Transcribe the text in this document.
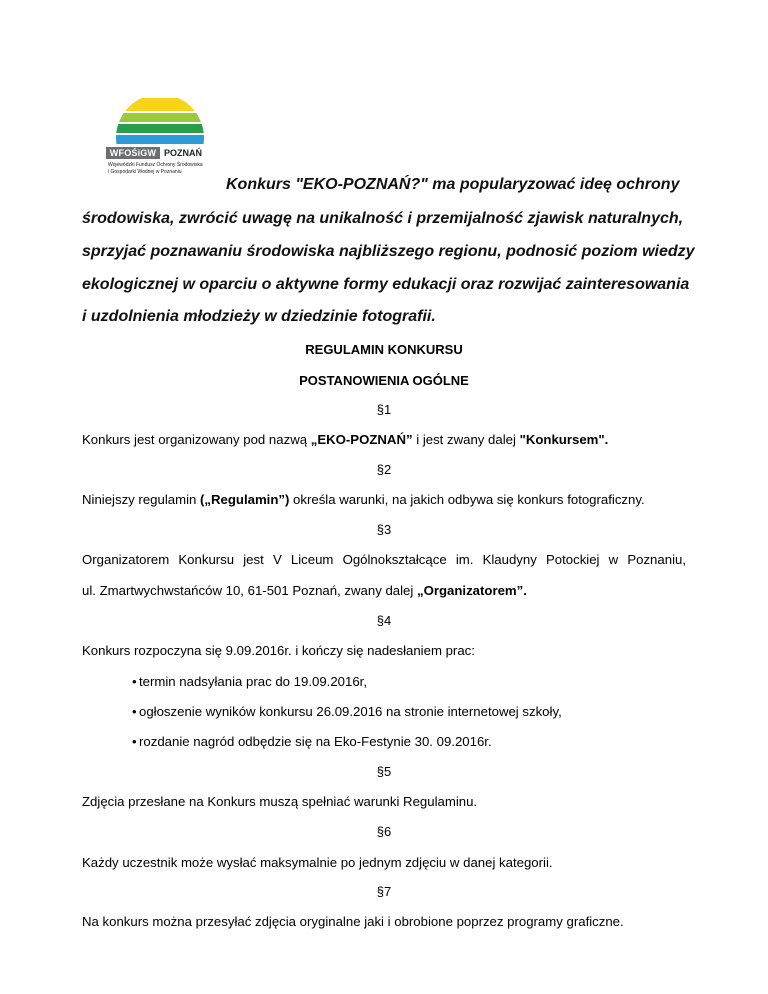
WFOŚiGW POZNAŃ
Wojewódzki Fundusz Ochrony Środowiska
i Gospodarki Wodnej w Poznaniu
Konkurs "EKO-POZNAŃ?" ma popularyzować ideę ochrony
środowiska, zwrócić uwagę na unikalność i przemijalność zjawisk naturalnych,
sprzyjać poznawaniu środowiska najbliższego regionu, podnosić poziom wiedzy
ekologicznej w oparciu o aktywne formy edukacji oraz rozwijać zainteresowania
i uzdolnienia młodzieży w dziedzinie fotografii.
REGULAMIN KONKURSU
POSTANOWIENIA OGÓLNE
§1
Konkurs jest organizowany pod nazwą „EKO-POZNAŃ” i jest zwany dalej "Konkursem".
§2
Niniejszy regulamin („Regulamin”) określa warunki, na jakich odbywa się konkurs fotograficzny.
§3
Organizatorem Konkursu jest V Liceum Ogólnokształcące im. Klaudyny Potockiej w Poznaniu,
ul. Zmartwychwstańców 10, 61-501 Poznań, zwany dalej „Organizatorem”.
§4
Konkurs rozpoczyna się 9.09.2016r. i kończy się nadesłaniem prac:
• termin nadsyłania prac do 19.09.2016r,
• ogłoszenie wyników konkursu 26.09.2016 na stronie internetowej szkoły,
• rozdanie nagród odbędzie się na Eko-Festynie 30. 09.2016r.
§5
Zdjęcia przesłane na Konkurs muszą spełniać warunki Regulaminu.
§6
Każdy uczestnik może wysłać maksymalnie po jednym zdjęciu w danej kategorii.
§7
Na konkurs można przesyłać zdjęcia oryginalne jaki i obrobione poprzez programy graficzne.
